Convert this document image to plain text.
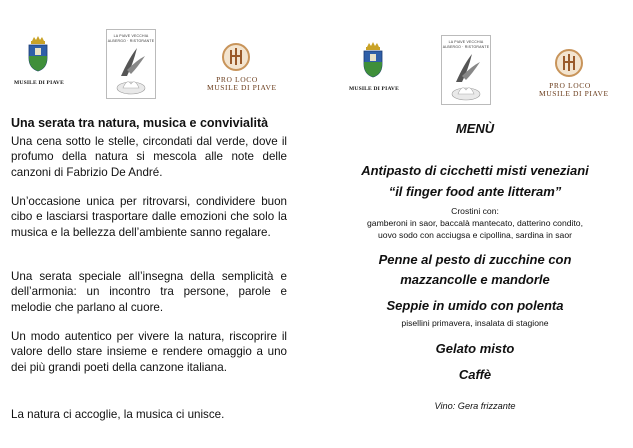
MUSILE DI PIAVE
LA PIAVE VECCHIA
ALBERGO · RISTORANTE
PRO LOCO
MUSILE DI PIAVE
Una serata tra natura, musica e convivialità
Una cena sotto le stelle, circondati dal verde, dove il profumo della natura si mescola alle note delle canzoni di Fabrizio De André.
Un’occasione unica per ritrovarsi, condividere buon cibo e lasciarsi trasportare dalle emozioni che solo la musica e la bellezza dell’ambiente sanno regalare.
Una serata speciale all’insegna della semplicità e dell’armonia: un incontro tra persone, parole e melodie che parlano al cuore.
Un modo autentico per vivere la natura, riscoprire il valore dello stare insieme e rendere omaggio a uno dei più grandi poeti della canzone italiana.
La natura ci accoglie, la musica ci unisce.
MUSILE DI PIAVE
LA PIAVE VECCHIA
ALBERGO · RISTORANTE
PRO LOCO
MUSILE DI PIAVE
MENÙ
Antipasto di cicchetti misti veneziani
“il finger food ante litteram”
Crostini con:
gamberoni in saor, baccalà mantecato, datterino condito,
uovo sodo con acciugsa e cipollina, sardina in saor
Penne al pesto di zucchine con
mazzancolle e mandorle
Seppie in umido con polenta
pisellini primavera, insalata di stagione
Gelato misto
Caffè
Vino: Gera frizzante
